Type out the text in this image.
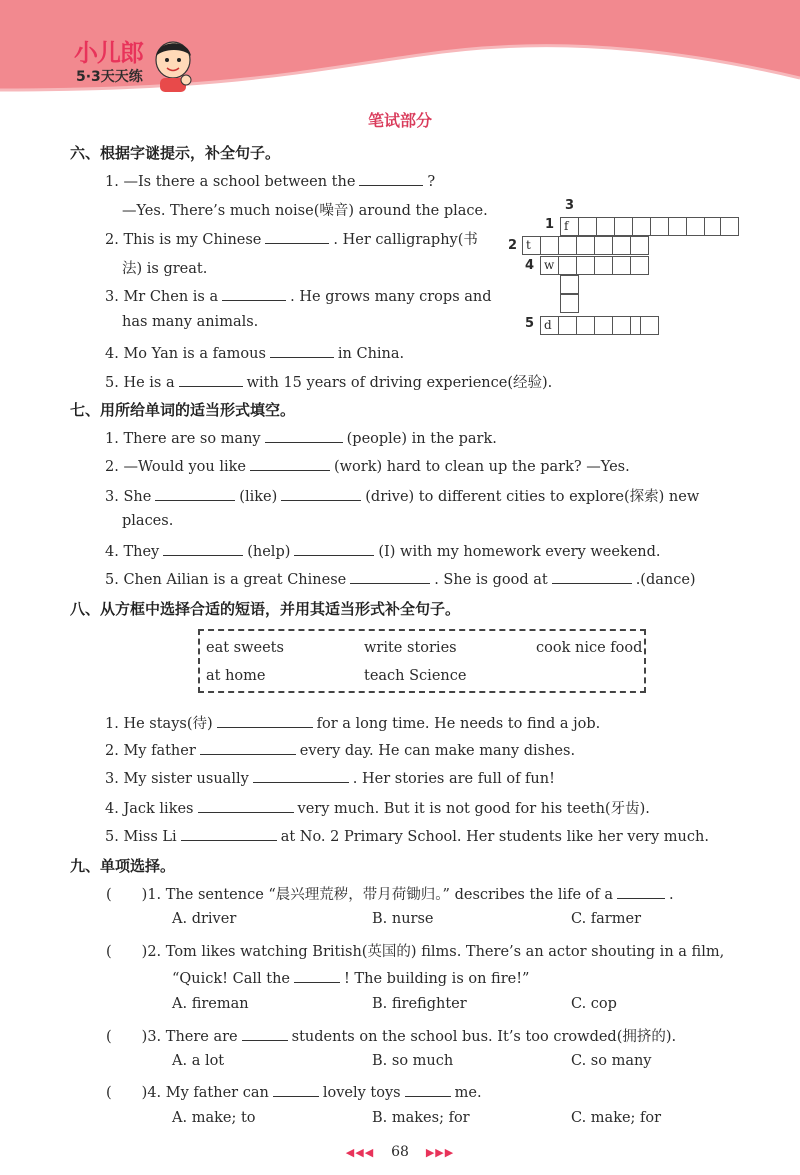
小儿郎
5·3天天练
笔试部分
六、根据字谜提示，补全句子。
1. —Is there a school between the	?
—Yes. There’s much noise(噪音) around the place.
2. This is my Chinese	. Her calligraphy(书
法) is great.
3. Mr Chen is a	. He grows many crops and
has many animals.
4. Mo Yan is a famous	in China.
5. He is a	with 15 years of driving experience(经验).
3
1
2
4
5
f
t
w
d
七、用所给单词的适当形式填空。
1. There are so many	(people) in the park.
2. —Would you like	(work) hard to clean up the park? —Yes.
3. She	(like)	(drive) to different cities to explore(探索) new
places.
4. They	(help)	(I) with my homework every weekend.
5. Chen Ailian is a great Chinese	. She is good at	.(dance)
八、从方框中选择合适的短语，并用其适当形式补全句子。
eat sweets	write stories	cook nice food
at home	teach Science
1. He stays(待)	for a long time. He needs to find a job.
2. My father	every day. He can make many dishes.
3. My sister usually	. Her stories are full of fun!
4. Jack likes	very much. But it is not good for his teeth(牙齿).
5. Miss Li	at No. 2 Primary School. Her students like her very much.
九、单项选择。
( )1. The sentence “晨兴理荒秽，带月荷锄归。” describes the life of a	.
A. driver	B. nurse	C. farmer
( )2. Tom likes watching British(英国的) films. There’s an actor shouting in a film,
“Quick! Call the	! The building is on fire!”
A. fireman	B. firefighter	C. cop
( )3. There are	students on the school bus. It’s too crowded(拥挤的).
A. a lot	B. so much	C. so many
( )4. My father can	lovely toys	me.
A. make; to	B. makes; for	C. make; for
◀◀◀ 68 ▶▶▶
